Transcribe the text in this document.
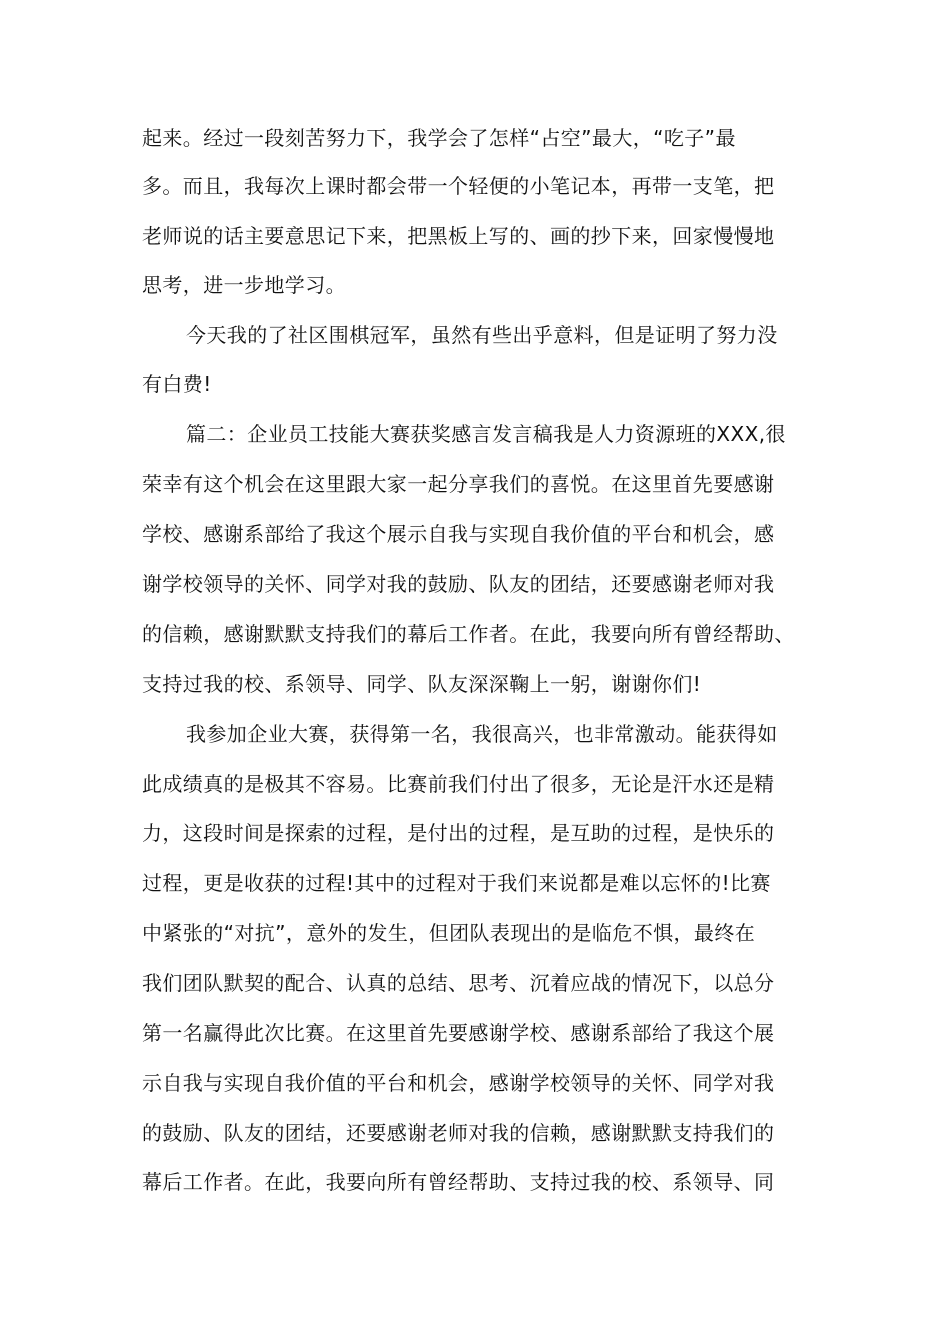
起来。经过一段刻苦努力下，我学会了怎样“占空”最大，“吃子”最
多。而且，我每次上课时都会带一个轻便的小笔记本，再带一支笔，把
老师说的话主要意思记下来，把黑板上写的、画的抄下来，回家慢慢地
思考，进一步地学习。
今天我的了社区围棋冠军，虽然有些出乎意料，但是证明了努力没
有白费!
篇二：企业员工技能大赛获奖感言发言稿我是人力资源班的XXX,很
荣幸有这个机会在这里跟大家一起分享我们的喜悦。在这里首先要感谢
学校、感谢系部给了我这个展示自我与实现自我价值的平台和机会，感
谢学校领导的关怀、同学对我的鼓励、队友的团结，还要感谢老师对我
的信赖，感谢默默支持我们的幕后工作者。在此，我要向所有曾经帮助、
支持过我的校、系领导、同学、队友深深鞠上一躬，谢谢你们!
我参加企业大赛，获得第一名，我很高兴，也非常激动。能获得如
此成绩真的是极其不容易。比赛前我们付出了很多，无论是汗水还是精
力，这段时间是探索的过程，是付出的过程，是互助的过程，是快乐的
过程，更是收获的过程!其中的过程对于我们来说都是难以忘怀的!比赛
中紧张的“对抗”，意外的发生，但团队表现出的是临危不惧，最终在
我们团队默契的配合、认真的总结、思考、沉着应战的情况下，以总分
第一名赢得此次比赛。在这里首先要感谢学校、感谢系部给了我这个展
示自我与实现自我价值的平台和机会，感谢学校领导的关怀、同学对我
的鼓励、队友的团结，还要感谢老师对我的信赖，感谢默默支持我们的
幕后工作者。在此，我要向所有曾经帮助、支持过我的校、系领导、同
